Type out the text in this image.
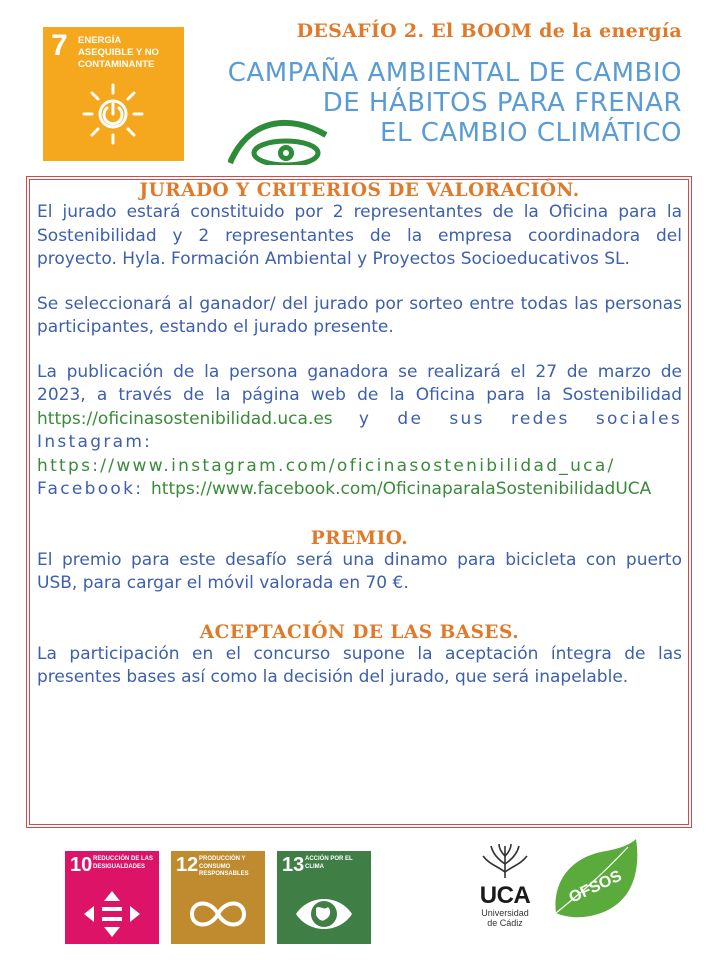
7 ENERGÍA ASEQUIBLE Y NO CONTAMINANTE
DESAFÍO 2. El BOOM de la energía
CAMPAÑA AMBIENTAL DE CAMBIO
DE HÁBITOS PARA FRENAR
EL CAMBIO CLIMÁTICO
JURADO Y CRITERIOS DE VALORACIÓN.

El jurado estará constituido por 2 representantes de la Oficina para la Sostenibilidad y 2 representantes de la empresa coordinadora del proyecto. Hyla. Formación Ambiental y Proyectos Socioeducativos SL.

Se seleccionará al ganador/ del jurado por sorteo entre todas las personas participantes, estando el jurado presente.

La publicación de la persona ganadora se realizará el 27 de marzo de 2023, a través de la página web de la Oficina para la Sostenibilidad https://oficinasostenibilidad.uca.es y de sus redes sociales Instagram: https://www.instagram.com/oficinasostenibilidad_uca/ Facebook: https://www.facebook.com/OficinaparalaSostenibilidadUCA

PREMIO.

El premio para este desafío será una dinamo para bicicleta con puerto USB, para cargar el móvil valorada en 70 €.

ACEPTACIÓN DE LAS BASES.

La participación en el concurso supone la aceptación íntegra de las presentes bases así como la decisión del jurado, que será inapelable.

10 REDUCCIÓN DE LAS DESIGUALDADES	12 PRODUCCIÓN Y CONSUMO RESPONSABLES	13 ACCIÓN POR EL CLIMA
UCA
Universidad
de Cádiz
OFSOS
